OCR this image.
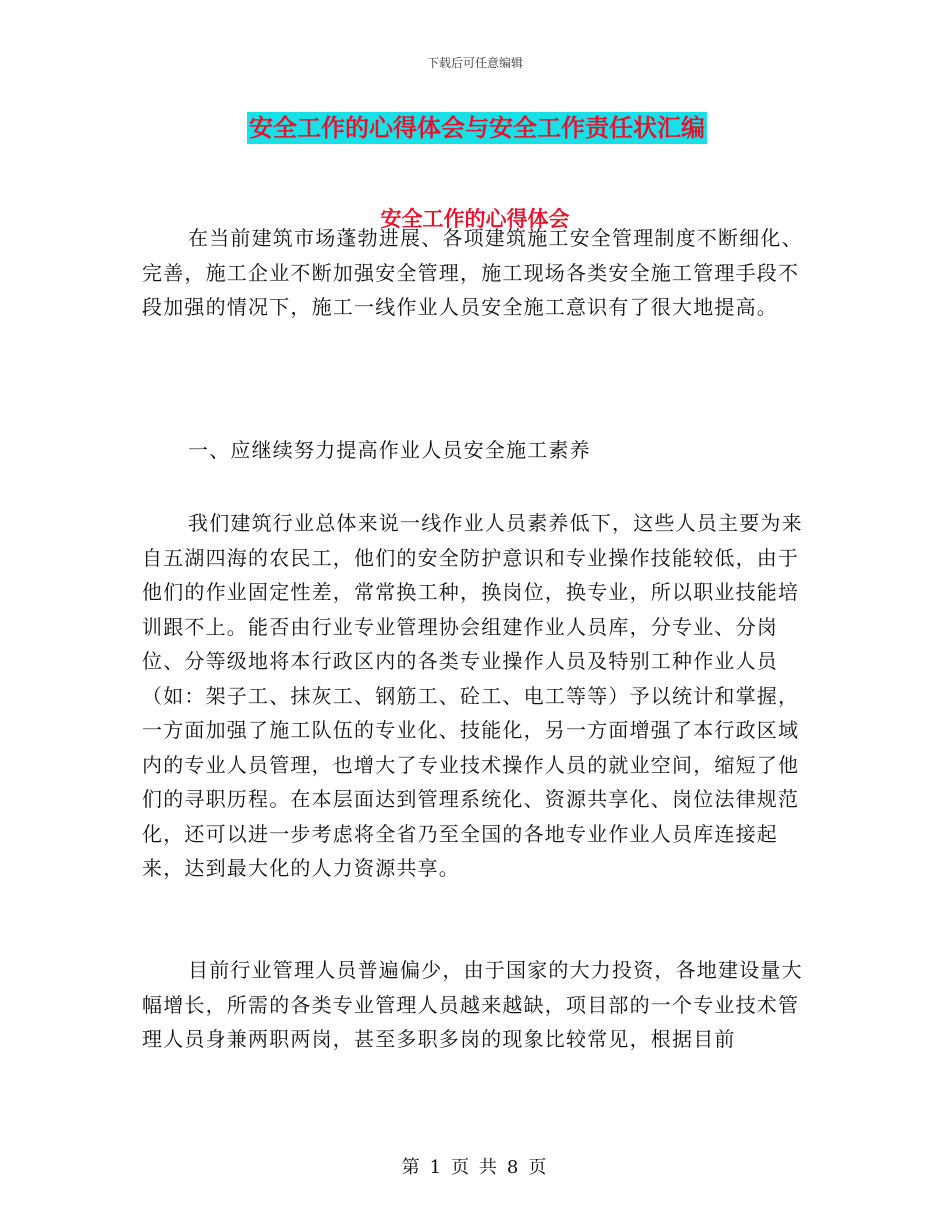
下载后可任意编辑
安全工作的心得体会与安全工作责任状汇编
安全工作的心得体会

在当前建筑市场蓬勃进展、各项建筑施工安全管理制度不断细化、完善，施工企业不断加强安全管理，施工现场各类安全施工管理手段不段加强的情况下，施工一线作业人员安全施工意识有了很大地提高。

一、应继续努力提高作业人员安全施工素养

我们建筑行业总体来说一线作业人员素养低下，这些人员主要为来自五湖四海的农民工，他们的安全防护意识和专业操作技能较低，由于他们的作业固定性差，常常换工种，换岗位，换专业，所以职业技能培训跟不上。能否由行业专业管理协会组建作业人员库，分专业、分岗位、分等级地将本行政区内的各类专业操作人员及特别工种作业人员（如：架子工、抹灰工、钢筋工、砼工、电工等等）予以统计和掌握，一方面加强了施工队伍的专业化、技能化，另一方面增强了本行政区域内的专业人员管理，也增大了专业技术操作人员的就业空间，缩短了他们的寻职历程。在本层面达到管理系统化、资源共享化、岗位法律规范化，还可以进一步考虑将全省乃至全国的各地专业作业人员库连接起来，达到最大化的人力资源共享。

目前行业管理人员普遍偏少，由于国家的大力投资，各地建设量大幅增长，所需的各类专业管理人员越来越缺，项目部的一个专业技术管理人员身兼两职两岗，甚至多职多岗的现象比较常见，根据目前

第 1 页 共 8 页
